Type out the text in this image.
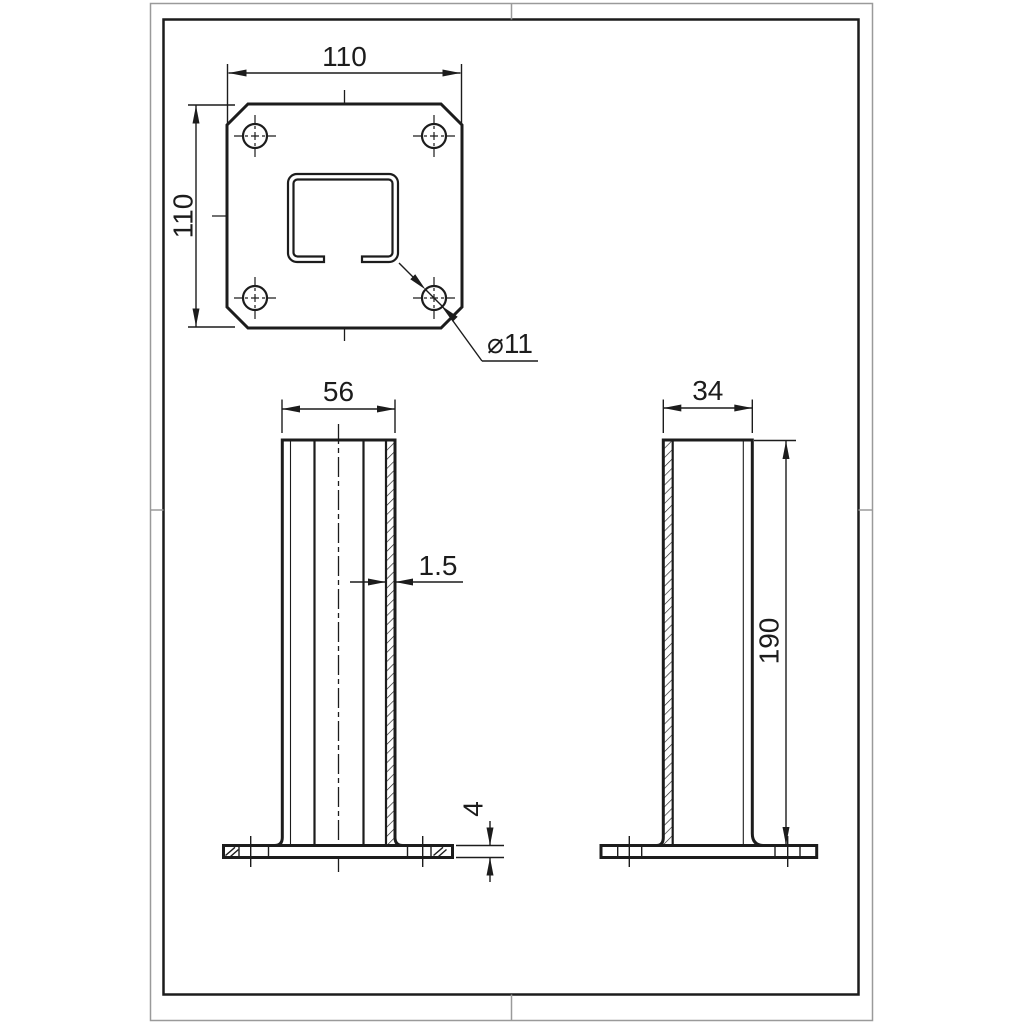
110
110
⌀11
56
1.5
4
34
190
